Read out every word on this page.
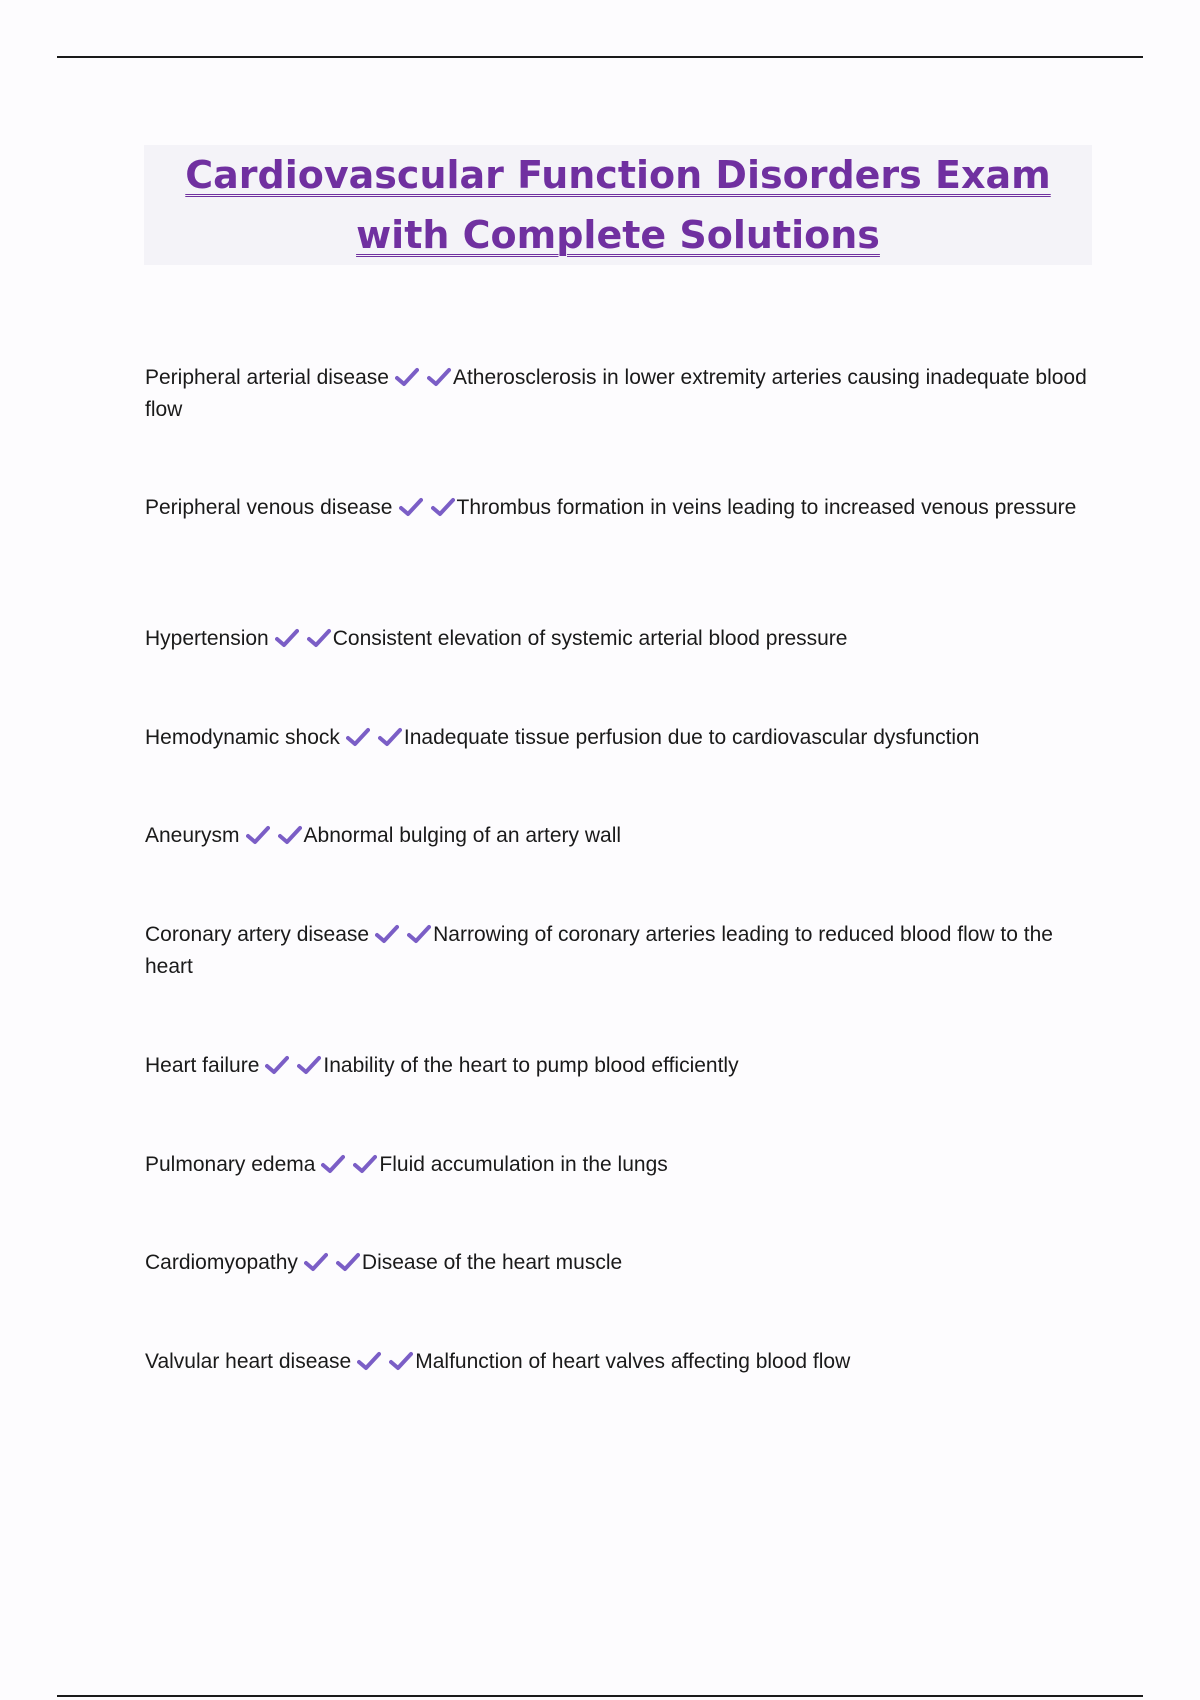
Cardiovascular Function Disorders Exam with Complete Solutions

Peripheral arterial disease	Atherosclerosis in lower extremity arteries causing inadequate blood flow

Peripheral venous disease	Thrombus formation in veins leading to increased venous pressure

Hypertension	Consistent elevation of systemic arterial blood pressure

Hemodynamic shock	Inadequate tissue perfusion due to cardiovascular dysfunction

Aneurysm	Abnormal bulging of an artery wall

Coronary artery disease	Narrowing of coronary arteries leading to reduced blood flow to the heart

Heart failure	Inability of the heart to pump blood efficiently

Pulmonary edema	Fluid accumulation in the lungs

Cardiomyopathy	Disease of the heart muscle

Valvular heart disease	Malfunction of heart valves affecting blood flow
